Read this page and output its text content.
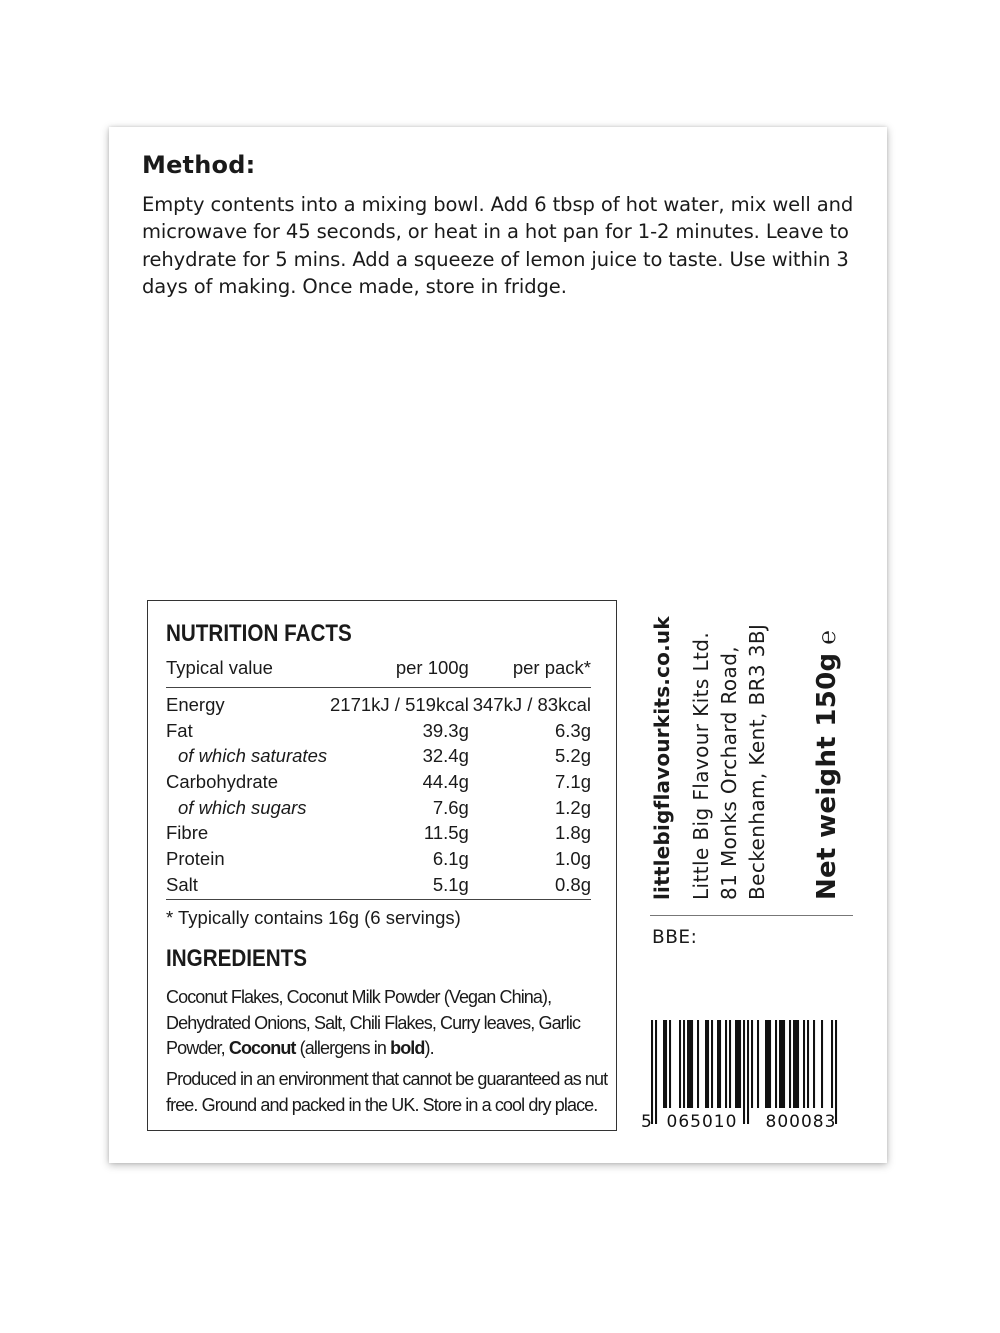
Method:

Empty contents into a mixing bowl. Add 6 tbsp of hot water, mix well and microwave for 45 seconds, or heat in a hot pan for 1-2 minutes. Leave to rehydrate for 5 mins. Add a squeeze of lemon juice to taste. Use within 3 days of making. Once made, store in fridge.

NUTRITION FACTS
Typical value	per 100g	per pack*
Energy	2171kJ / 519kcal	347kJ / 83kcal
Fat	39.3g	6.3g
of which saturates	32.4g	5.2g
Carbohydrate	44.4g	7.1g
of which sugars	7.6g	1.2g
Fibre	11.5g	1.8g
Protein	6.1g	1.0g
Salt	5.1g	0.8g

* Typically contains 16g (6 servings)

INGREDIENTS

Coconut Flakes, Coconut Milk Powder (Vegan China), Dehydrated Onions, Salt, Chili Flakes, Curry leaves, Garlic Powder, Coconut (allergens in bold).

Produced in an environment that cannot be guaranteed as nut free. Ground and packed in the UK. Store in a cool dry place.

littlebigflavourkits.co.uk Little Big Flavour Kits Ltd. 81 Monks Orchard Road, Beckenham, Kent, BR3 3BJ Net weight 150g℮

BBE:

5 065010 800083
